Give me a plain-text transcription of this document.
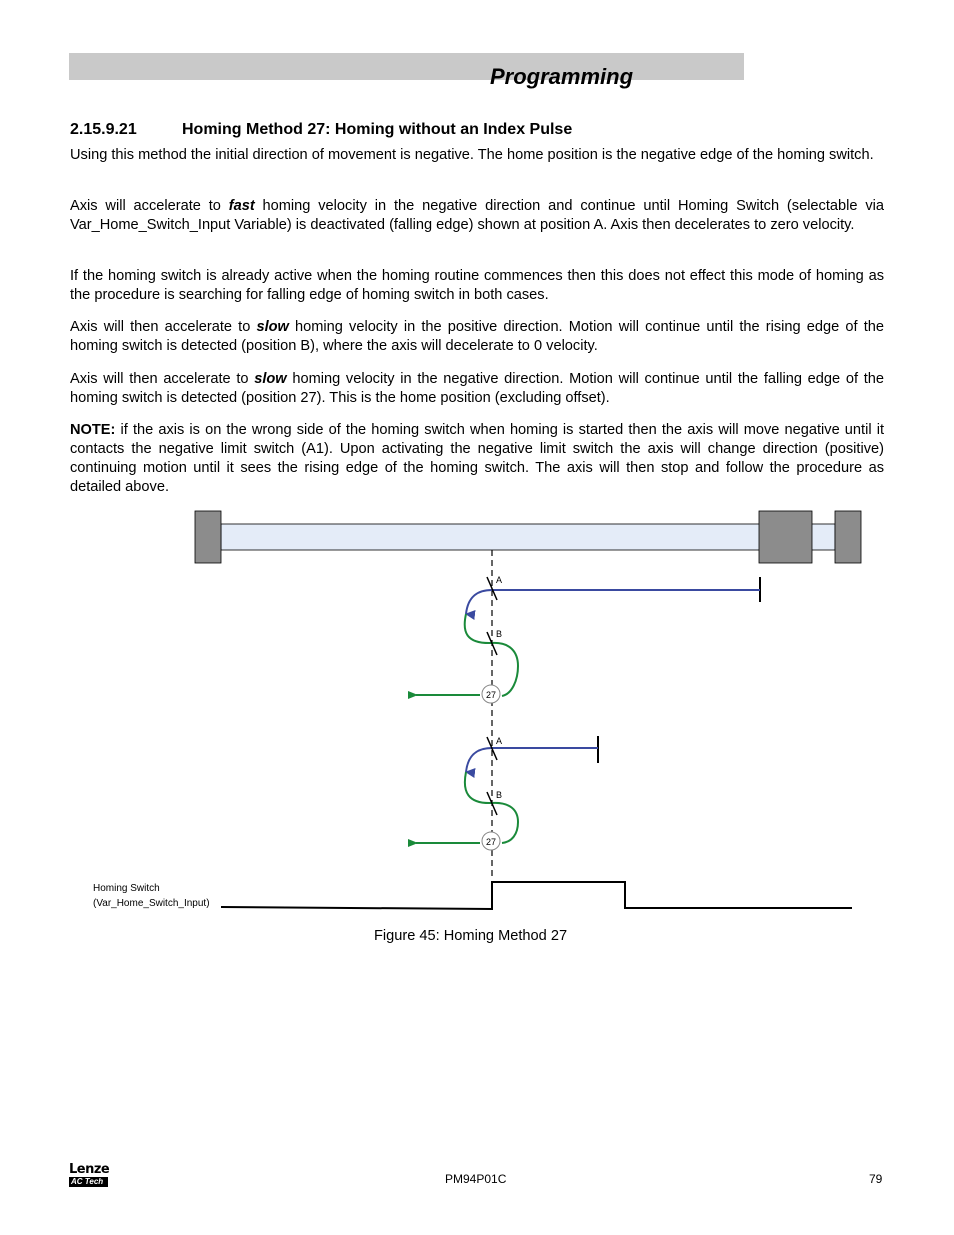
Programming
2.15.9.21	Homing Method 27: Homing without an Index Pulse

Using this method the initial direction of movement is negative. The home position is the negative edge of the homing switch.

Axis will accelerate to fast homing velocity in the negative direction and continue until Homing Switch (selectable via Var_Home_Switch_Input Variable) is deactivated (falling edge) shown at position A. Axis then decelerates to zero velocity.

If the homing switch is already active when the homing routine commences then this does not effect this mode of homing as the procedure is searching for falling edge of homing switch in both cases.

Axis will then accelerate to slow homing velocity in the positive direction. Motion will continue until the rising edge of the homing switch is detected (position B), where the axis will decelerate to 0 velocity.

Axis will then accelerate to slow homing velocity in the negative direction. Motion will continue until the falling edge of the homing switch is detected (position 27). This is the home position (excluding offset).

NOTE: if the axis is on the wrong side of the homing switch when homing is started then the axis will move negative until it contacts the negative limit switch (A1). Upon activating the negative limit switch the axis will change direction (positive) continuing motion until it sees the rising edge of the homing switch. The axis will then stop and follow the procedure as detailed above.

A
B
27
A
B
27
Homing Switch
(Var_Home_Switch_Input)
Figure 45: Homing Method 27
Lenze
AC Tech	PM94P01C	79
